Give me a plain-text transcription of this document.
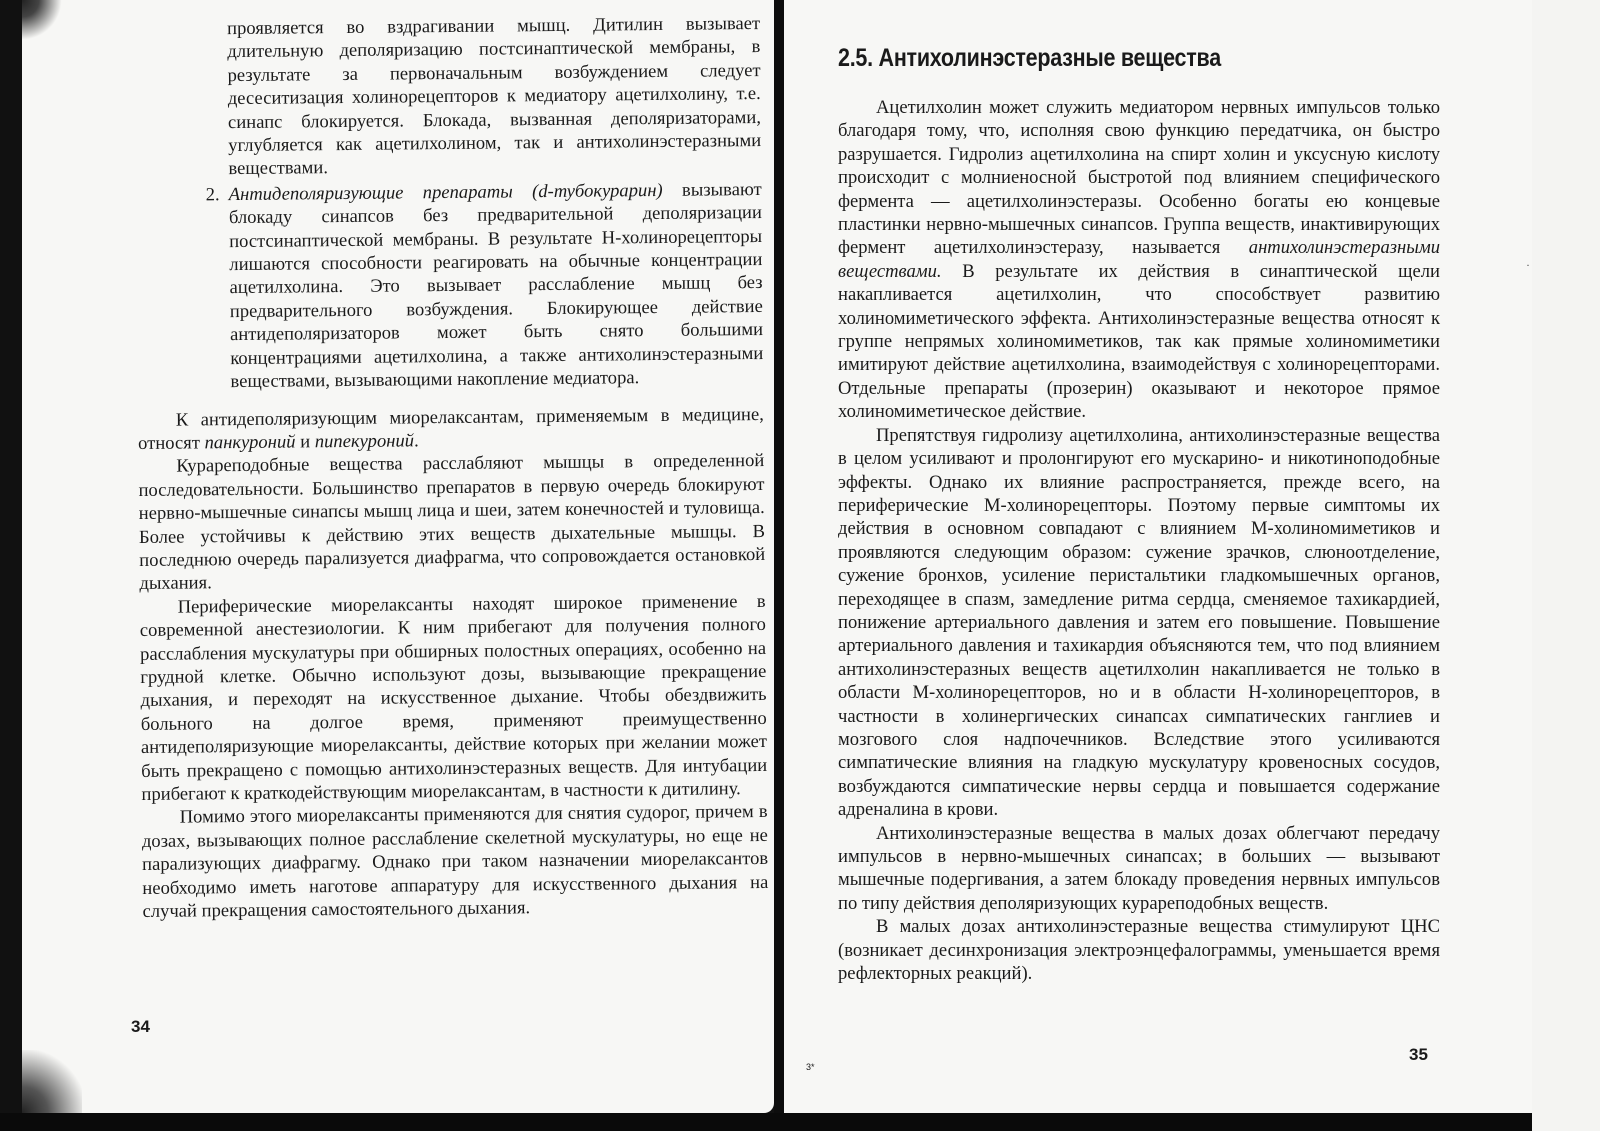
проявляется во вздрагивании мышц. Дитилин вызывает длительную деполяризацию постсинаптической мембраны, в результате за первоначальным возбуждением следует десеситизация холинорецепторов к медиатору ацетилхолину, т.е. синапс блокируется. Блокада, вызванная деполяризаторами, углубляется как ацетилхолином, так и антихолинэстеразными веществами.

2. Антидеполяризующие препараты (d-тубокурарин) вызывают блокаду синапсов без предварительной деполяризации постсинаптической мембраны. В результате Н-холинорецепторы лишаются способности реагировать на обычные концентрации ацетилхолина. Это вызывает расслабление мышц без предварительного возбуждения. Блокирующее действие антидеполяризаторов может быть снято большими концентрациями ацетилхолина, а также антихолинэстеразными веществами, вызывающими накопление медиатора.

К антидеполяризующим миорелаксантам, применяемым в медицине, относят панкуроний и пипекуроний.

Курареподобные вещества расслабляют мышцы в определенной последовательности. Большинство препаратов в первую очередь блокируют нервно-мышечные синапсы мышц лица и шеи, затем конечностей и туловища. Более устойчивы к действию этих веществ дыхательные мышцы. В последнюю очередь парализуется диафрагма, что сопровождается остановкой дыхания.

Периферические миорелаксанты находят широкое применение в современной анестезиологии. К ним прибегают для получения полного расслабления мускулатуры при обширных полостных операциях, особенно на грудной клетке. Обычно используют дозы, вызывающие прекращение дыхания, и переходят на искусственное дыхание. Чтобы обездвижить больного на долгое время, применяют преимущественно антидеполяризующие миорелаксанты, действие которых при желании может быть прекращено с помощью антихолинэстеразных веществ. Для интубации прибегают к краткодействующим миорелаксантам, в частности к дитилину.

Помимо этого миорелаксанты применяются для снятия судорог, причем в дозах, вызывающих полное расслабление скелетной мускулатуры, но еще не парализующих диафрагму. Однако при таком назначении миорелаксантов необходимо иметь наготове аппаратуру для искусственного дыхания на случай прекращения самостоятельного дыхания.

34
2.5. Антихолинэстеразные вещества

Ацетилхолин может служить медиатором нервных импульсов только благодаря тому, что, исполняя свою функцию передатчика, он быстро разрушается. Гидролиз ацетилхолина на спирт холин и уксусную кислоту происходит с молниеносной быстротой под влиянием специфического фермента — ацетилхолинэстеразы. Особенно богаты ею концевые пластинки нервно-мышечных синапсов. Группа веществ, инактивирующих фермент ацетилхолинэстеразу, называется антихолинэстеразными веществами. В результате их действия в синаптической щели накапливается ацетилхолин, что способствует развитию холиномиметического эффекта. Антихолинэстеразные вещества относят к группе непрямых холиномиметиков, так как прямые холиномиметики имитируют действие ацетилхолина, взаимодействуя с холинорецепторами. Отдельные препараты (прозерин) оказывают и некоторое прямое холиномиметическое действие.

Препятствуя гидролизу ацетилхолина, антихолинэстеразные вещества в целом усиливают и пролонгируют его мускарино- и никотиноподобные эффекты. Однако их влияние распространяется, прежде всего, на периферические М-холинорецепторы. Поэтому первые симптомы их действия в основном совпадают с влиянием М-холиномиметиков и проявляются следующим образом: сужение зрачков, слюноотделение, сужение бронхов, усиление перистальтики гладкомышечных органов, переходящее в спазм, замедление ритма сердца, сменяемое тахикардией, понижение артериального давления и затем его повышение. Повышение артериального давления и тахикардия объясняются тем, что под влиянием антихолинэстеразных веществ ацетилхолин накапливается не только в области М-холинорецепторов, но и в области Н-холинорецепторов, в частности в холинергических синапсах симпатических ганглиев и мозгового слоя надпочечников. Вследствие этого усиливаются симпатические влияния на гладкую мускулатуру кровеносных сосудов, возбуждаются симпатические нервы сердца и повышается содержание адреналина в крови.

Антихолинэстеразные вещества в малых дозах облегчают передачу импульсов в нервно-мышечных синапсах; в больших — вызывают мышечные подергивания, а затем блокаду проведения нервных импульсов по типу действия деполяризующих курареподобных веществ.

В малых дозах антихолинэстеразные вещества стимулируют ЦНС (возникает десинхронизация электроэнцефалограммы, уменьшается время рефлекторных реакций).

·
35
3*
